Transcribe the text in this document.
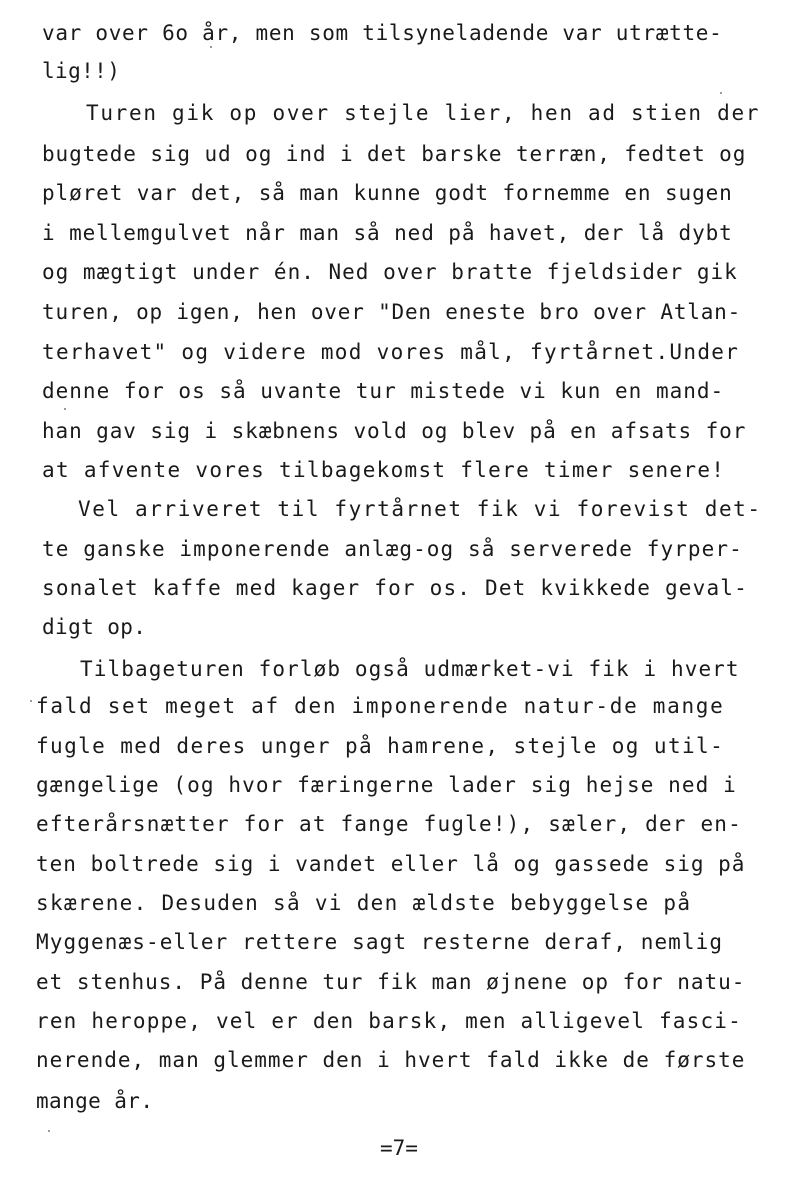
var over 6o år, men som tilsyneladende var utrætte-
lig!!)
Turen gik op over stejle lier, hen ad stien der
bugtede sig ud og ind i det barske terræn, fedtet og
pløret var det, så man kunne godt fornemme en sugen
i mellemgulvet når man så ned på havet, der lå dybt
og mægtigt under én. Ned over bratte fjeldsider gik
turen, op igen, hen over "Den eneste bro over Atlan-
terhavet" og videre mod vores mål, fyrtårnet.Under
denne for os så uvante tur mistede vi kun en mand-
han gav sig i skæbnens vold og blev på en afsats for
at afvente vores tilbagekomst flere timer senere!
Vel arriveret til fyrtårnet fik vi forevist det-
te ganske imponerende anlæg-og så serverede fyrper-
sonalet kaffe med kager for os. Det kvikkede geval-
digt op.
Tilbageturen forløb også udmærket-vi fik i hvert
fald set meget af den imponerende natur-de mange
fugle med deres unger på hamrene, stejle og util-
gængelige (og hvor færingerne lader sig hejse ned i
efterårsnætter for at fange fugle!), sæler, der en-
ten boltrede sig i vandet eller lå og gassede sig på
skærene. Desuden så vi den ældste bebyggelse på
Myggenæs-eller rettere sagt resterne deraf, nemlig
et stenhus. På denne tur fik man øjnene op for natu-
ren heroppe, vel er den barsk, men alligevel fasci-
nerende, man glemmer den i hvert fald ikke de første
mange år.
=7=
